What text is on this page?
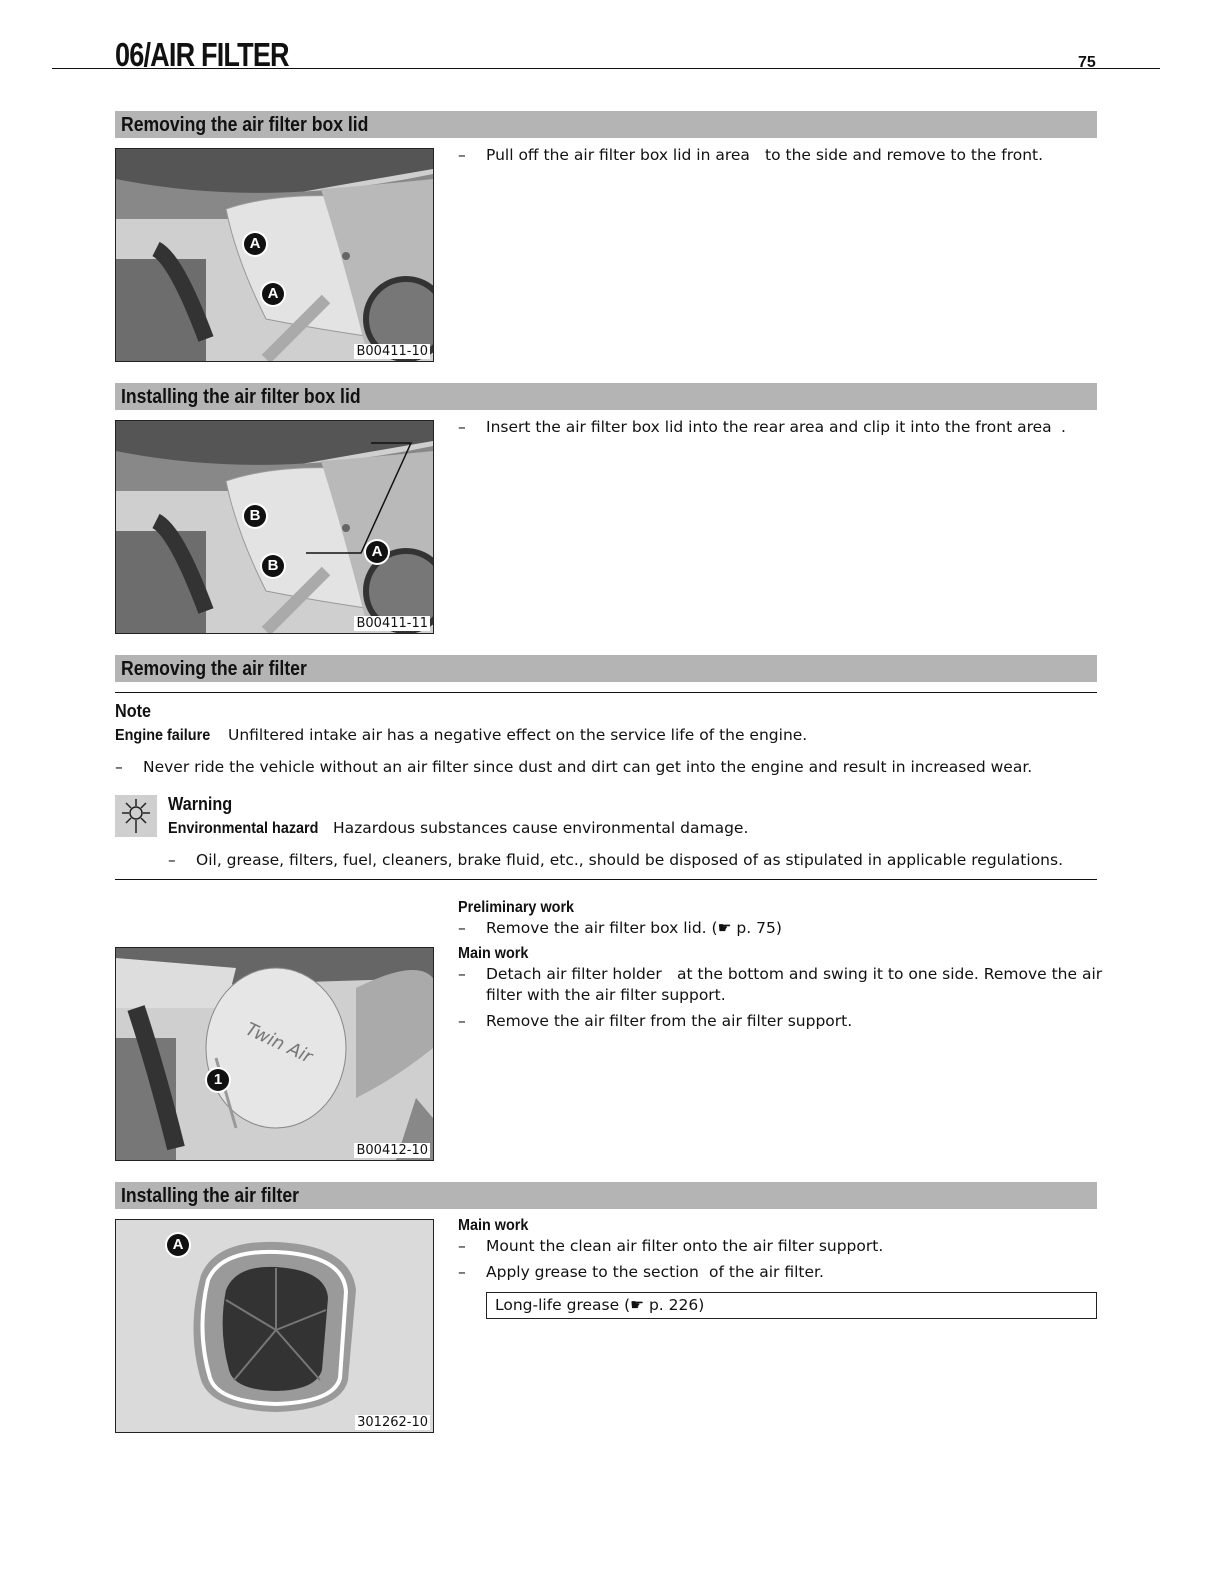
06/AIR FILTER	75
Removing the air filter box lid
A
A
B00411-10
– Pull off the air filter box lid in area to the side and remove to the front.
Installing the air filter box lid
B
B
A
B00411-11
– Insert the air filter box lid into the rear area and clip it into the front area .
Removing the air filter
Note
Engine failure Unfiltered intake air has a negative effect on the service life of the engine.
– Never ride the vehicle without an air filter since dust and dirt can get into the engine and result in increased wear.
Warning
Environmental hazard Hazardous substances cause environmental damage.
– Oil, grease, filters, fuel, cleaners, brake fluid, etc., should be disposed of as stipulated in applicable regulations.
Twin Air
1
B00412-10
Preliminary work
– Remove the air filter box lid. (☛ p. 75)
Main work
– Detach air filter holder at the bottom and swing it to one side. Remove the air
filter with the air filter support.
– Remove the air filter from the air filter support.
Installing the air filter
A
301262-10
Main work
– Mount the clean air filter onto the air filter support.
– Apply grease to the section of the air filter.
Long-life grease (☛ p. 226)
